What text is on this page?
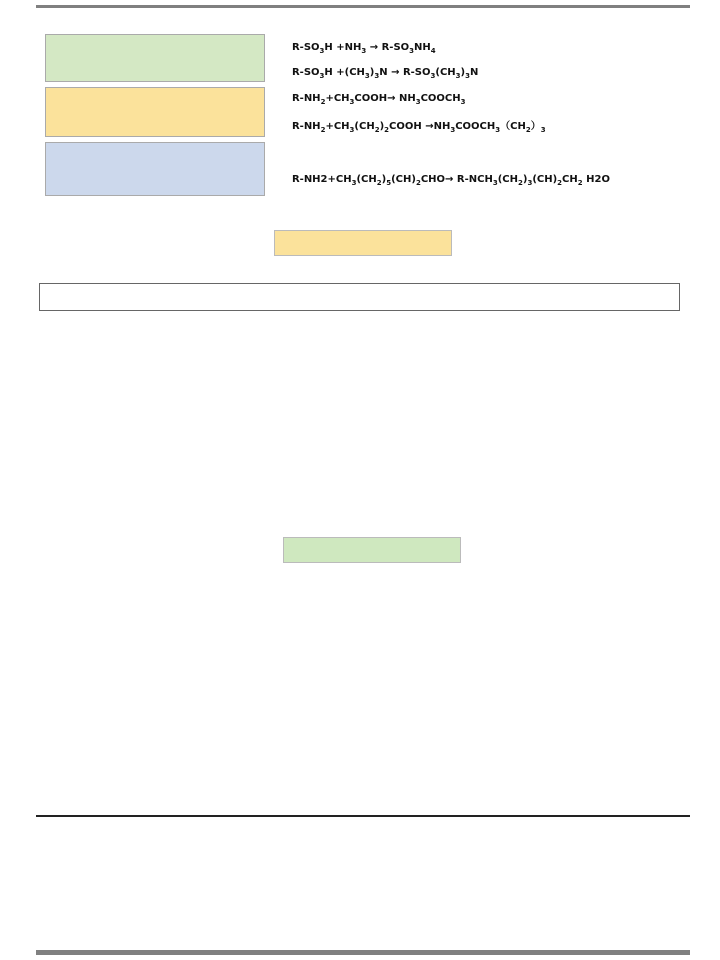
$R-SO_3H +NH_3 \to R-SO_3NH_4$
$R-SO_3H +(CH_3)_3N \to R-SO_3(CH_3)_3N$
$R-NH_2+CH_3COOH\to$ $NH_3COOCH_3$
$R-NH_2+CH_3(CH_2)_2COOH$ $\to NH_3COOCH_3(CH_2)_3$

$R-NH2+CH_3(CH_2)_5(CH)_2CHO\to R-NCH_3(CH_2)_3(CH)_2CH_2$ H2O
